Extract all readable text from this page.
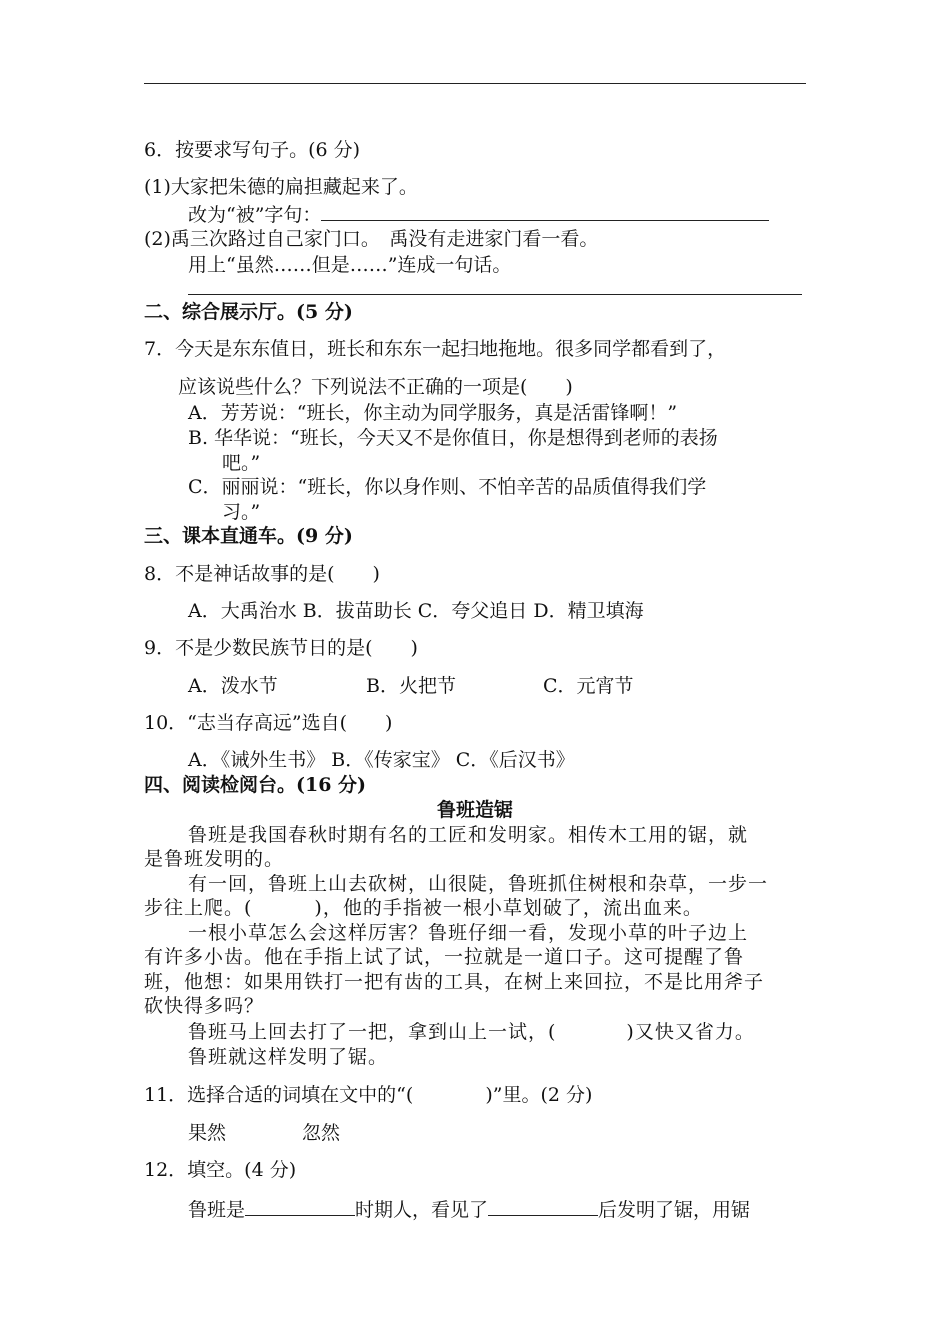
6．按要求写句子。(6 分)
(1)大家把朱德的扁担藏起来了。
改为“被”字句：
(2)禹三次路过自己家门口。　禹没有走进家门看一看。
用上“虽然……但是……”连成一句话。
二、综合展示厅。(5 分)
7．今天是东东值日，班长和东东一起扫地拖地。很多同学都看到了，
应该说些什么？下列说法不正确的一项是(　　)
A．芳芳说：“班长，你主动为同学服务，真是活雷锋啊！”
B. 华华说：“班长，今天又不是你值日，你是想得到老师的表扬
吧。”
C．丽丽说：“班长，你以身作则、不怕辛苦的品质值得我们学
习。”
三、课本直通车。(9 分)
8．不是神话故事的是(　　)
A．大禹治水 B．拔苗助长 C．夸父追日 D．精卫填海
9．不是少数民族节日的是(　　)
A．泼水节	B．火把节	C．元宵节
10．“志当存高远”选自(　　)
A．《诫外生书》 B．《传家宝》 C．《后汉书》
四、阅读检阅台。(16 分)
鲁班造锯
鲁班是我国春秋时期有名的工匠和发明家。相传木工用的锯，就
是鲁班发明的。
有一回，鲁班上山去砍树，山很陡，鲁班抓住树根和杂草，一步一
步往上爬。(	)，他的手指被一根小草划破了，流出血来。
一根小草怎么会这样厉害？鲁班仔细一看，发现小草的叶子边上
有许多小齿。他在手指上试了试，一拉就是一道口子。这可提醒了鲁
班，他想：如果用铁打一把有齿的工具，在树上来回拉，不是比用斧子
砍快得多吗？
鲁班马上回去打了一把，拿到山上一试，(	)又快又省力。
鲁班就这样发明了锯。
11．选择合适的词填在文中的“(	)”里。(2 分)
果然	忽然
12．填空。(4 分)
鲁班是	时期人，看见了	后发明了锯，用锯
